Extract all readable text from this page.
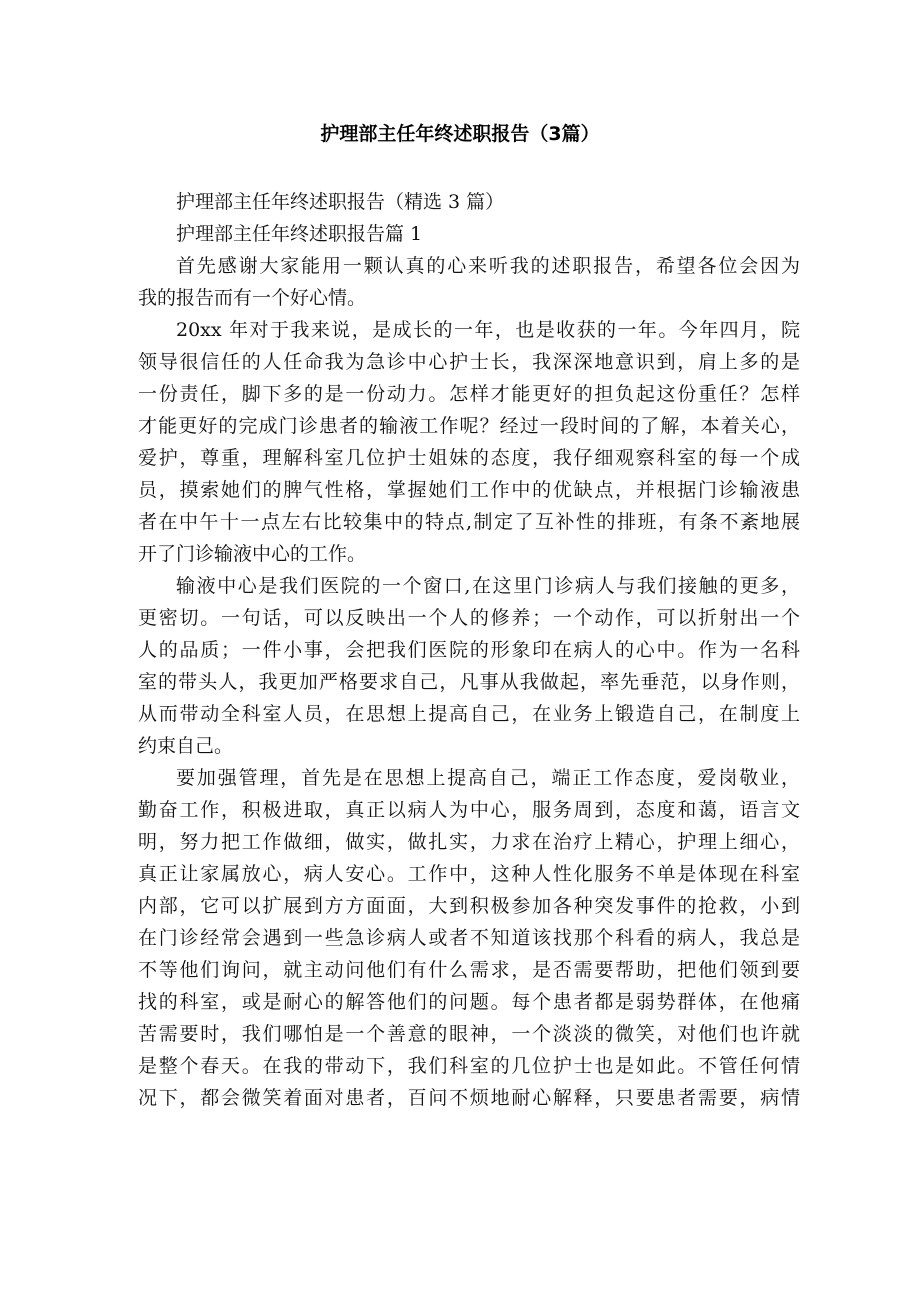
护理部主任年终述职报告（3篇）

护理部主任年终述职报告（精选 3 篇）

护理部主任年终述职报告篇 1

首先感谢大家能用一颗认真的心来听我的述职报告，希望各位会因为
我的报告而有一个好心情。

20xx 年对于我来说，是成长的一年，也是收获的一年。今年四月，院
领导很信任的人任命我为急诊中心护士长，我深深地意识到，肩上多的是
一份责任，脚下多的是一份动力。怎样才能更好的担负起这份重任？怎样
才能更好的完成门诊患者的输液工作呢？经过一段时间的了解，本着关心，
爱护，尊重，理解科室几位护士姐妹的态度，我仔细观察科室的每一个成
员，摸索她们的脾气性格，掌握她们工作中的优缺点，并根据门诊输液患
者在中午十一点左右比较集中的特点,制定了互补性的排班，有条不紊地展
开了门诊输液中心的工作。

输液中心是我们医院的一个窗口,在这里门诊病人与我们接触的更多，
更密切。一句话，可以反映出一个人的修养；一个动作，可以折射出一个
人的品质；一件小事，会把我们医院的形象印在病人的心中。作为一名科
室的带头人，我更加严格要求自己，凡事从我做起，率先垂范，以身作则，
从而带动全科室人员，在思想上提高自己，在业务上锻造自己，在制度上
约束自己。

要加强管理，首先是在思想上提高自己，端正工作态度，爱岗敬业，
勤奋工作，积极进取，真正以病人为中心，服务周到，态度和蔼，语言文
明，努力把工作做细，做实，做扎实，力求在治疗上精心，护理上细心，
真正让家属放心，病人安心。工作中，这种人性化服务不单是体现在科室
内部，它可以扩展到方方面面，大到积极参加各种突发事件的抢救，小到
在门诊经常会遇到一些急诊病人或者不知道该找那个科看的病人，我总是
不等他们询问，就主动问他们有什么需求，是否需要帮助，把他们领到要
找的科室，或是耐心的解答他们的问题。每个患者都是弱势群体，在他痛
苦需要时，我们哪怕是一个善意的眼神，一个淡淡的微笑，对他们也许就
是整个春天。在我的带动下，我们科室的几位护士也是如此。不管任何情
况下，都会微笑着面对患者，百问不烦地耐心解释，只要患者需要，病情
